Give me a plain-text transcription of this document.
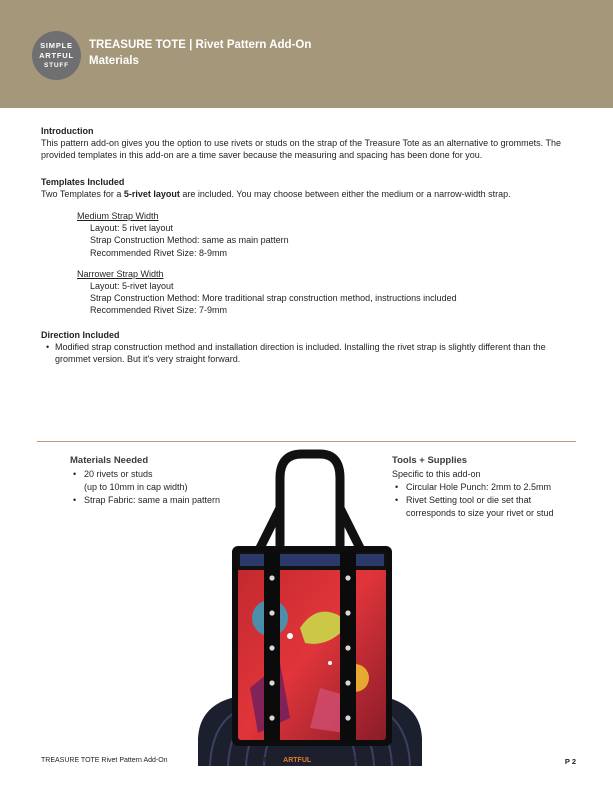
SIMPLE
ARTFUL
STUFF
TREASURE TOTE | Rivet Pattern Add-On
Materials
Introduction

This pattern add-on gives you the option to use rivets or studs on the strap of the Treasure Tote as an alternative to grommets. The provided templates in this add-on are a time saver because the measuring and spacing has been done for you.

Templates Included

Two Templates for a 5-rivet layout are included. You may choose between either the medium or a narrow-width strap.

Medium Strap Width
Layout: 5 rivet layout
Strap Construction Method: same as main pattern
Recommended Rivet Size: 8-9mm
Narrower Strap Width
Layout: 5-rivet layout
Strap Construction Method: More traditional strap construction method, instructions included
Recommended Rivet Size: 7-9mm
Direction Included
• Modified strap construction method and installation direction is included. Installing the rivet strap is slightly different than the grommet version. But it's very straight forward.
Materials Needed
• 20 rivets or studs
(up to 10mm in cap width)
• Strap Fabric: same a main pattern
Tools + Supplies
Specific to this add-on
• Circular Hole Punch: 2mm to 2.5mm
• Rivet Setting tool or die set that corresponds to size your rivet or stud
TREASURE TOTE Rivet Pattern Add-On	© SIMPLEARTFULSTUFF.COM 2020	P 2
